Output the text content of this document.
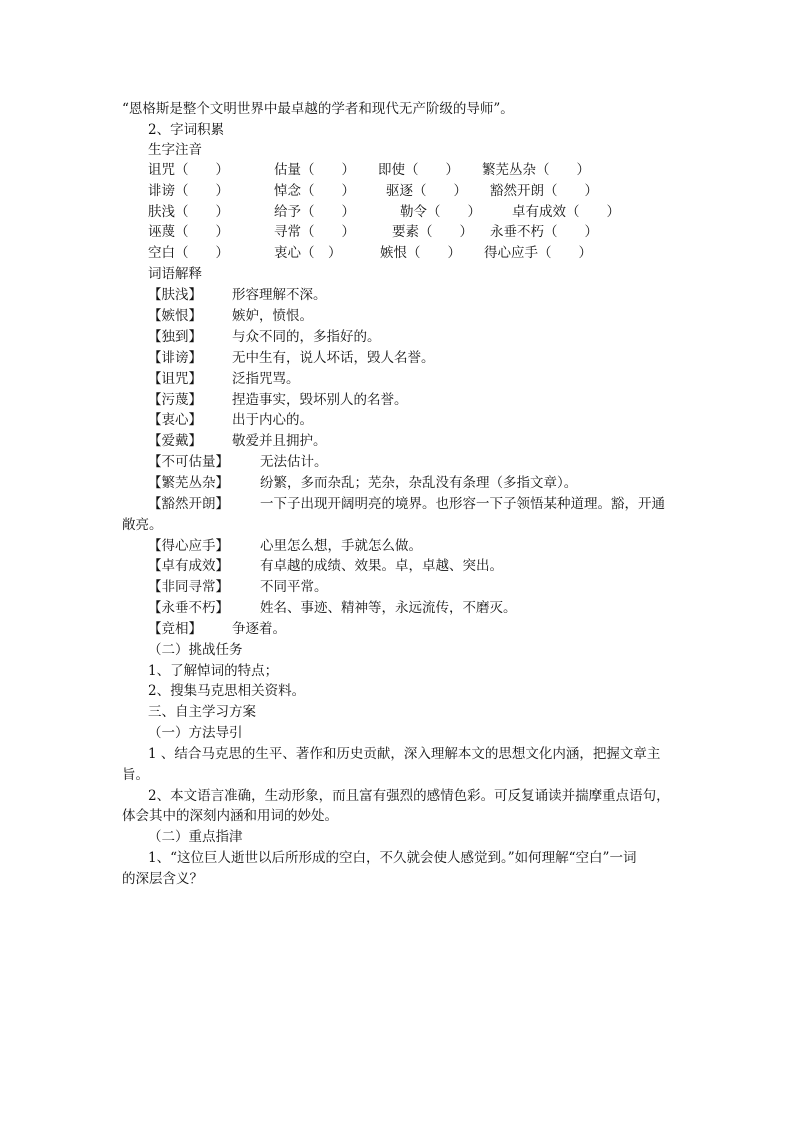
“恩格斯是整个文明世界中最卓越的学者和现代无产阶级的导师”。
2、字词积累
生字注音
诅咒（　　）	估量（　　） 即使（　　） 繁芜丛杂（　　）
诽谤（　　）	悼念（　　） 驱逐（　　） 豁然开朗（　　）
肤浅（　　）	给予（　　）	勒令（　　） 卓有成效（　　）
诬蔑（　　）	寻常（　　）	要素（　　） 永垂不朽（　　）
空白（　　）	衷心（　）	嫉恨（　　） 得心应手（　　）
词语解释
【肤浅】 形容理解不深。
【嫉恨】 嫉妒，愤恨。
【独到】 与众不同的，多指好的。
【诽谤】 无中生有，说人坏话，毁人名誉。
【诅咒】 泛指咒骂。
【污蔑】 捏造事实，毁坏别人的名誉。
【衷心】 出于内心的。
【爱戴】 敬爱并且拥护。
【不可估量】 无法估计。
【繁芜丛杂】 纷繁，多而杂乱；芜杂，杂乱没有条理（多指文章）。
【豁然开朗】 一下子出现开阔明亮的境界。也形容一下子领悟某种道理。豁，开通
敞亮。
【得心应手】 心里怎么想，手就怎么做。
【卓有成效】 有卓越的成绩、效果。卓，卓越、突出。
【非同寻常】 不同平常。
【永垂不朽】 姓名、事迹、精神等，永远流传，不磨灭。
【竞相】 争逐着。
（二）挑战任务
1、了解悼词的特点；
2、搜集马克思相关资料。
三、自主学习方案
（一）方法导引
1 、结合马克思的生平、著作和历史贡献，深入理解本文的思想文化内涵，把握文章主
旨。
2、本文语言准确，生动形象，而且富有强烈的感情色彩。可反复诵读并揣摩重点语句，
体会其中的深刻内涵和用词的妙处。
（二）重点指津
1、“这位巨人逝世以后所形成的空白，不久就会使人感觉到。”如何理解“空白”一词
的深层含义？
